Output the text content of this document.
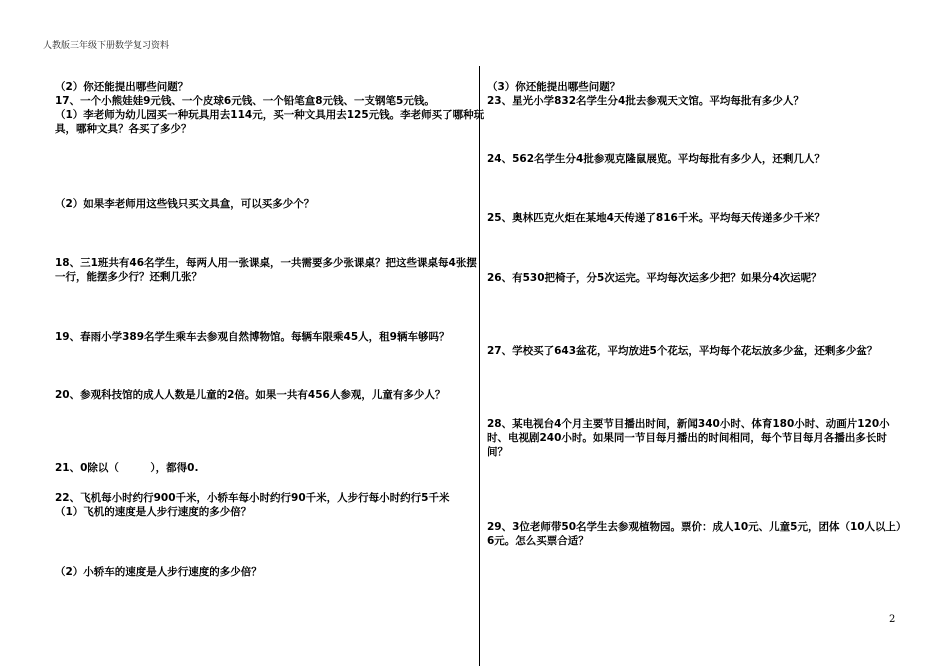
人教版三年级下册数学复习资料
（2）你还能提出哪些问题？
17、一个小熊娃娃9元钱、一个皮球6元钱、一个铅笔盒8元钱、一支钢笔5元钱。
（1）李老师为幼儿园买一种玩具用去114元，买一种文具用去125元钱。李老师买了哪种玩具，哪种文具？各买了多少？
（2）如果李老师用这些钱只买文具盒，可以买多少个？
18、三1班共有46名学生，每两人用一张课桌，一共需要多少张课桌？把这些课桌每4张摆一行，能摆多少行？还剩几张？
19、春雨小学389名学生乘车去参观自然博物馆。每辆车限乘45人，租9辆车够吗？
20、参观科技馆的成人人数是儿童的2倍。如果一共有456人参观，儿童有多少人？
21、0除以（　　　），都得0.
22、飞机每小时约行900千米，小轿车每小时约行90千米，人步行每小时约行5千米
（1）飞机的速度是人步行速度的多少倍？
（2）小轿车的速度是人步行速度的多少倍？
（3）你还能提出哪些问题？
23、星光小学832名学生分4批去参观天文馆。平均每批有多少人？
24、562名学生分4批参观克隆鼠展览。平均每批有多少人，还剩几人？
25、奥林匹克火炬在某地4天传递了816千米。平均每天传递多少千米？
26、有530把椅子，分5次运完。平均每次运多少把？如果分4次运呢？
27、学校买了643盆花，平均放进5个花坛，平均每个花坛放多少盆，还剩多少盆？
28、某电视台4个月主要节目播出时间，新闻340小时、体育180小时、动画片120小时、电视剧240小时。如果同一节目每月播出的时间相同，每个节目每月各播出多长时间？
29、3位老师带50名学生去参观植物园。票价：成人10元、儿童5元，团体（10人以上）6元。怎么买票合适？
2
